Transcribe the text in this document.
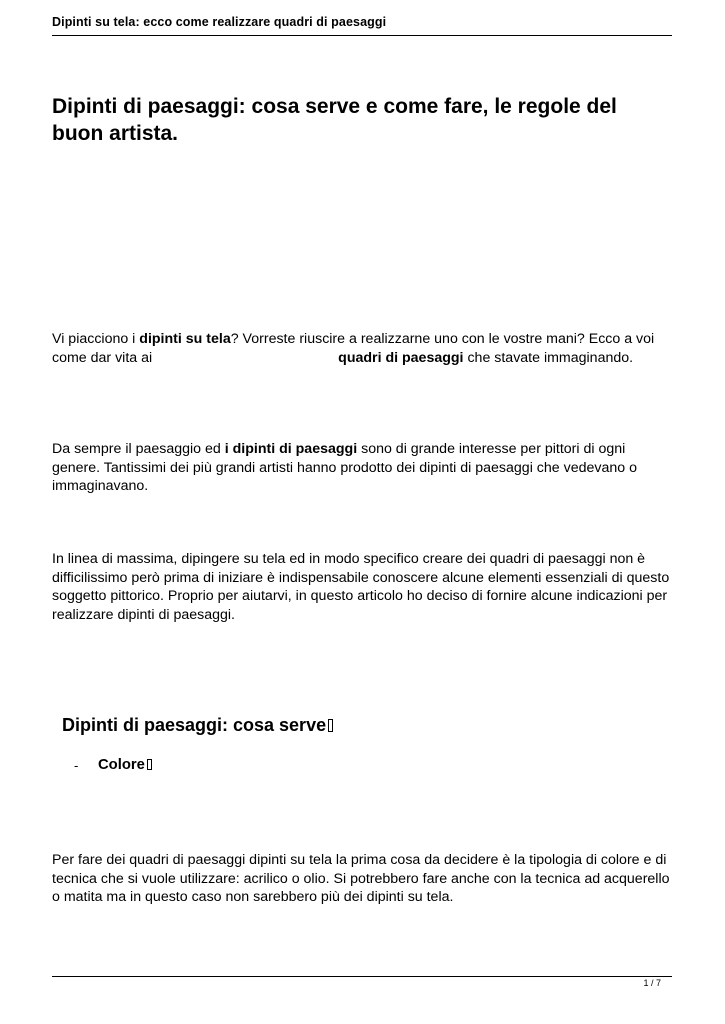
Dipinti su tela: ecco come realizzare quadri di paesaggi
Dipinti di paesaggi: cosa serve e come fare, le regole del
buon artista.

Vi piacciono i dipinti su tela? Vorreste riuscire a realizzarne uno con le vostre mani? Ecco a voi come dar vita ai	quadri di paesaggi che stavate immaginando.

Da sempre il paesaggio ed i dipinti di paesaggi sono di grande interesse per pittori di ogni genere. Tantissimi dei più grandi artisti hanno prodotto dei dipinti di paesaggi che vedevano o immaginavano.

In linea di massima, dipingere su tela ed in modo specifico creare dei quadri di paesaggi non è difficilissimo però prima di iniziare è indispensabile conoscere alcune elementi essenziali di questo soggetto pittorico. Proprio per aiutarvi, in questo articolo ho deciso di fornire alcune indicazioni per realizzare dipinti di paesaggi.

Dipinti di paesaggi: cosa serve
- Colore

Per fare dei quadri di paesaggi dipinti su tela la prima cosa da decidere è la tipologia di colore e di tecnica che si vuole utilizzare: acrilico o olio. Si potrebbero fare anche con la tecnica ad acquerello o matita ma in questo caso non sarebbero più dei dipinti su tela.

1 / 7
